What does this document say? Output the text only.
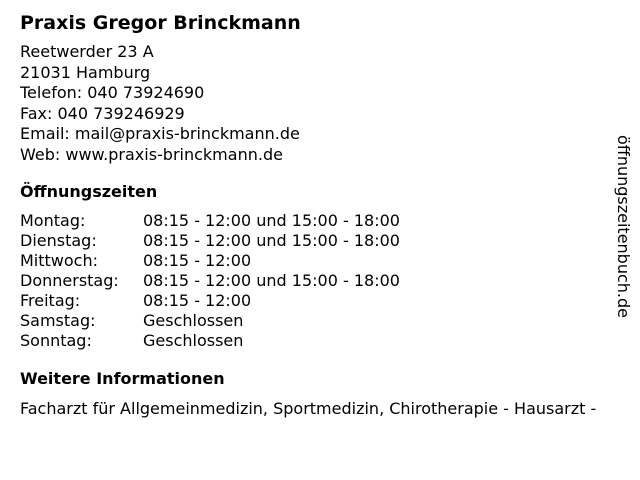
Praxis Gregor Brinckmann
Reetwerder 23 A
21031 Hamburg
Telefon: 040 73924690
Fax: 040 739246929
Email: mail@praxis-brinckmann.de
Web: www.praxis-brinckmann.de
Öffnungszeiten
Montag:	08:15 - 12:00 und 15:00 - 18:00
Dienstag:	08:15 - 12:00 und 15:00 - 18:00
Mittwoch:	08:15 - 12:00
Donnerstag:	08:15 - 12:00 und 15:00 - 18:00
Freitag:	08:15 - 12:00
Samstag:	Geschlossen
Sonntag:	Geschlossen
Weitere Informationen
Facharzt für Allgemeinmedizin, Sportmedizin, Chirotherapie - Hausarzt -
öffnungszeitenbuch.de
